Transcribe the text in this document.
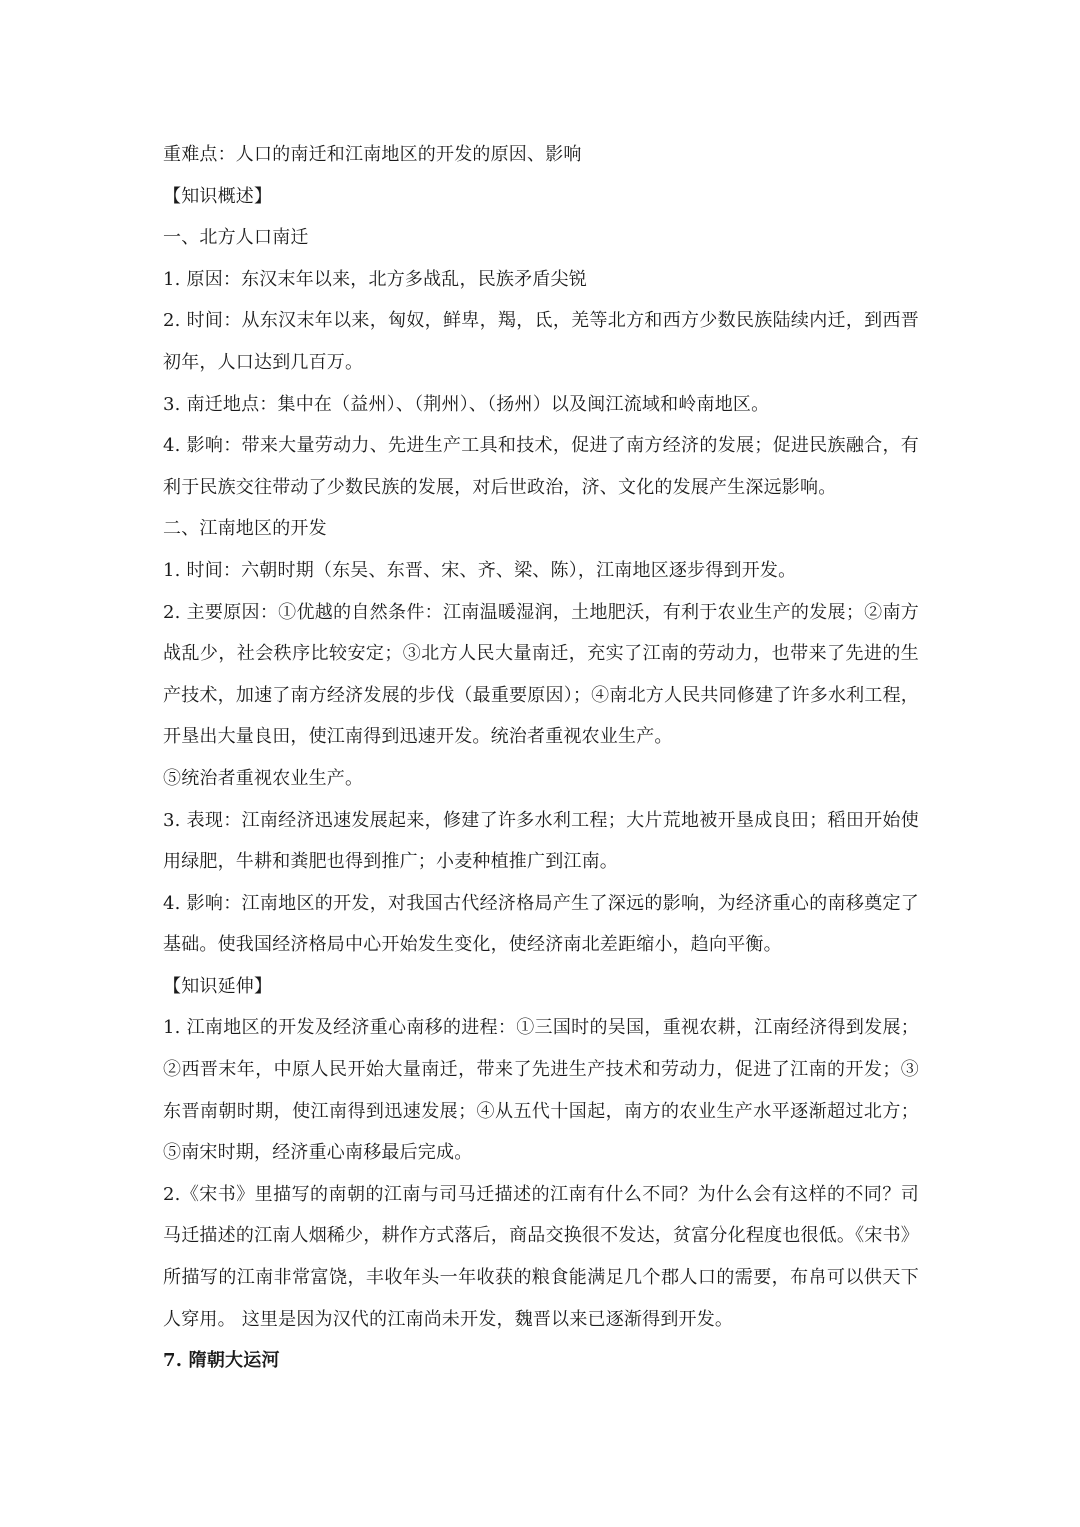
重难点：人口的南迁和江南地区的开发的原因、影响

【知识概述】

一、北方人口南迁

1. 原因：东汉末年以来，北方多战乱，民族矛盾尖锐

2. 时间：从东汉末年以来，匈奴，鲜卑，羯，氐，羌等北方和西方少数民族陆续内迁，到西晋初年，人口达到几百万。

3. 南迁地点：集中在（益州）、（荆州）、（扬州）以及闽江流域和岭南地区。

4. 影响：带来大量劳动力、先进生产工具和技术，促进了南方经济的发展；促进民族融合，有利于民族交往带动了少数民族的发展，对后世政治，济、文化的发展产生深远影响。

二、江南地区的开发

1. 时间：六朝时期（东吴、东晋、宋、齐、梁、陈），江南地区逐步得到开发。

2. 主要原因：①优越的自然条件：江南温暖湿润，土地肥沃，有利于农业生产的发展；②南方战乱少，社会秩序比较安定；③北方人民大量南迁，充实了江南的劳动力，也带来了先进的生产技术，加速了南方经济发展的步伐（最重要原因）；④南北方人民共同修建了许多水利工程，开垦出大量良田，使江南得到迅速开发。统治者重视农业生产。

⑤统治者重视农业生产。

3. 表现：江南经济迅速发展起来，修建了许多水利工程；大片荒地被开垦成良田；稻田开始使用绿肥，牛耕和粪肥也得到推广；小麦种植推广到江南。

4. 影响：江南地区的开发，对我国古代经济格局产生了深远的影响，为经济重心的南移奠定了基础。使我国经济格局中心开始发生变化，使经济南北差距缩小，趋向平衡。

【知识延伸】

1. 江南地区的开发及经济重心南移的进程：①三国时的吴国，重视农耕，江南经济得到发展；②西晋末年，中原人民开始大量南迁，带来了先进生产技术和劳动力，促进了江南的开发；③东晋南朝时期，使江南得到迅速发展；④从五代十国起，南方的农业生产水平逐渐超过北方；⑤南宋时期，经济重心南移最后完成。

2.《宋书》里描写的南朝的江南与司马迁描述的江南有什么不同？为什么会有这样的不同？司马迁描述的江南人烟稀少，耕作方式落后，商品交换很不发达，贫富分化程度也很低。《宋书》所描写的江南非常富饶，丰收年头一年收获的粮食能满足几个郡人口的需要，布帛可以供天下人穿用。 这里是因为汉代的江南尚未开发，魏晋以来已逐渐得到开发。

7. 隋朝大运河
